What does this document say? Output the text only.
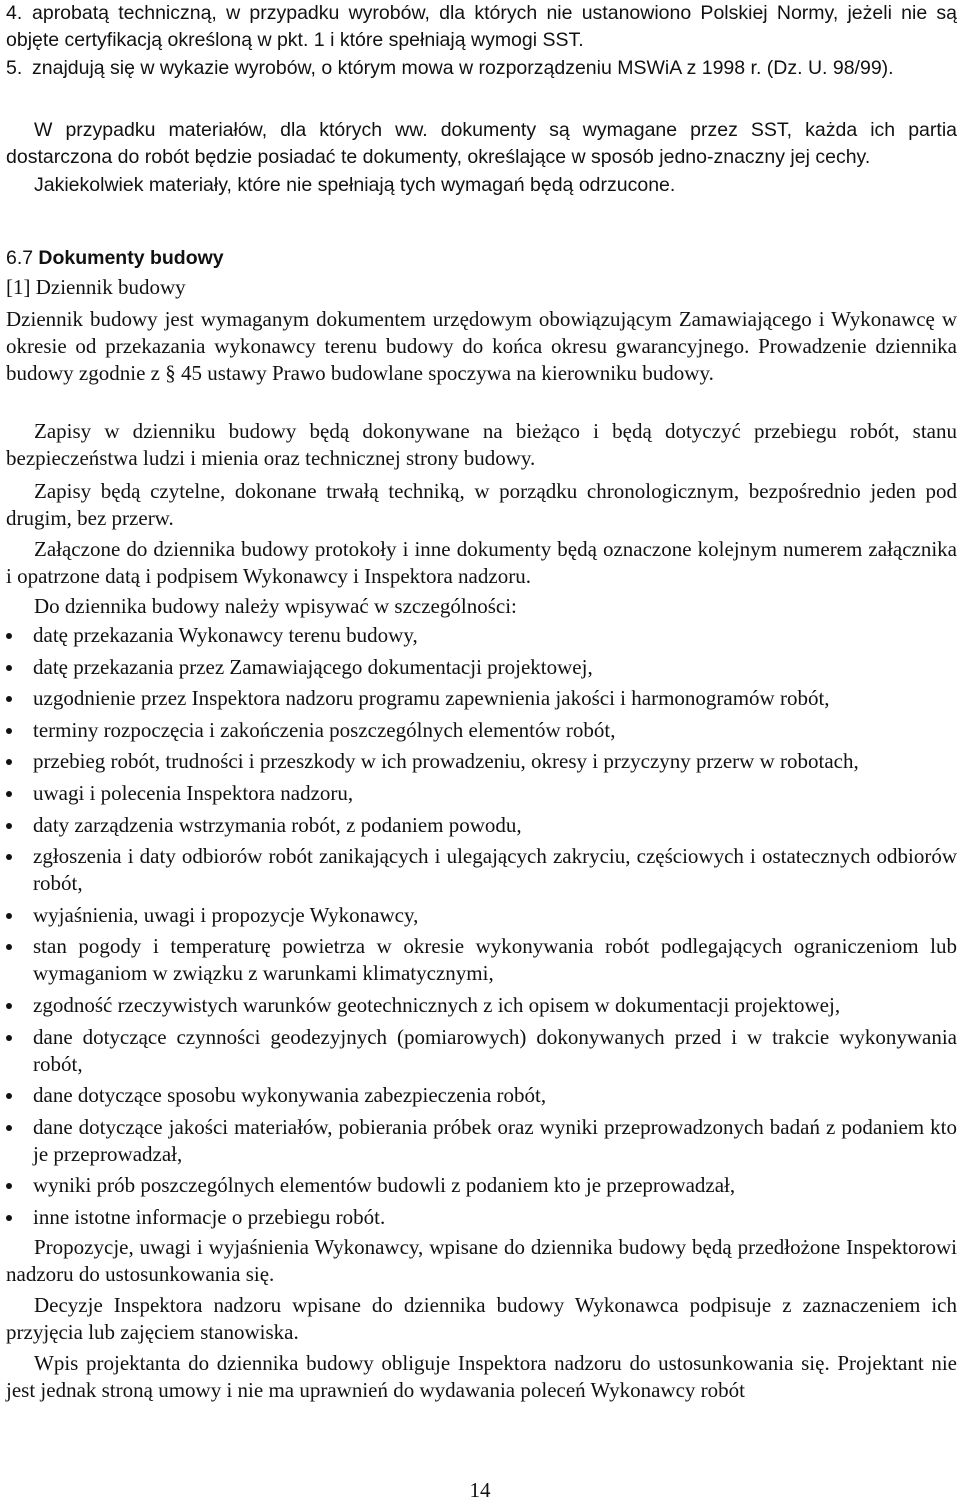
4. aprobatą techniczną, w przypadku wyrobów, dla których nie ustanowiono Polskiej Normy, jeżeli nie są objęte certyfikacją określoną w pkt. 1 i które spełniają wymogi SST.
5. znajdują się w wykazie wyrobów, o którym mowa w rozporządzeniu MSWiA z 1998 r. (Dz. U. 98/99).

W przypadku materiałów, dla których ww. dokumenty są wymagane przez SST, każda ich partia dostarczona do robót będzie posiadać te dokumenty, określające w sposób jedno-znaczny jej cechy.

Jakiekolwiek materiały, które nie spełniają tych wymagań będą odrzucone.

6.7 Dokumenty budowy

[1] Dziennik budowy

Dziennik budowy jest wymaganym dokumentem urzędowym obowiązującym Zamawiającego i Wykonawcę w okresie od przekazania wykonawcy terenu budowy do końca okresu gwarancyjnego. Prowadzenie dziennika budowy zgodnie z § 45 ustawy Prawo budowlane spoczywa na kierowniku budowy.

Zapisy w dzienniku budowy będą dokonywane na bieżąco i będą dotyczyć przebiegu robót, stanu bezpieczeństwa ludzi i mienia oraz technicznej strony budowy.

Zapisy będą czytelne, dokonane trwałą techniką, w porządku chronologicznym, bezpośrednio jeden pod drugim, bez przerw.

Załączone do dziennika budowy protokoły i inne dokumenty będą oznaczone kolejnym numerem załącznika i opatrzone datą i podpisem Wykonawcy i Inspektora nadzoru.

Do dziennika budowy należy wpisywać w szczególności:

datę przekazania Wykonawcy terenu budowy,
datę przekazania przez Zamawiającego dokumentacji projektowej,
uzgodnienie przez Inspektora nadzoru programu zapewnienia jakości i harmonogramów robót,
terminy rozpoczęcia i zakończenia poszczególnych elementów robót,
przebieg robót, trudności i przeszkody w ich prowadzeniu, okresy i przyczyny przerw w robotach,
uwagi i polecenia Inspektora nadzoru,
daty zarządzenia wstrzymania robót, z podaniem powodu,
zgłoszenia i daty odbiorów robót zanikających i ulegających zakryciu, częściowych i ostatecznych odbiorów robót,
wyjaśnienia, uwagi i propozycje Wykonawcy,
stan pogody i temperaturę powietrza w okresie wykonywania robót podlegających ograniczeniom lub wymaganiom w związku z warunkami klimatycznymi,
zgodność rzeczywistych warunków geotechnicznych z ich opisem w dokumentacji projektowej,
dane dotyczące czynności geodezyjnych (pomiarowych) dokonywanych przed i w trakcie wykonywania robót,
dane dotyczące sposobu wykonywania zabezpieczenia robót,
dane dotyczące jakości materiałów, pobierania próbek oraz wyniki przeprowadzonych badań z podaniem kto je przeprowadzał,
wyniki prób poszczególnych elementów budowli z podaniem kto je przeprowadzał,
inne istotne informacje o przebiegu robót.

Propozycje, uwagi i wyjaśnienia Wykonawcy, wpisane do dziennika budowy będą przedłożone Inspektorowi nadzoru do ustosunkowania się.

Decyzje Inspektora nadzoru wpisane do dziennika budowy Wykonawca podpisuje z zaznaczeniem ich przyjęcia lub zajęciem stanowiska.

Wpis projektanta do dziennika budowy obliguje Inspektora nadzoru do ustosunkowania się. Projektant nie jest jednak stroną umowy i nie ma uprawnień do wydawania poleceń Wykonawcy robót

14
